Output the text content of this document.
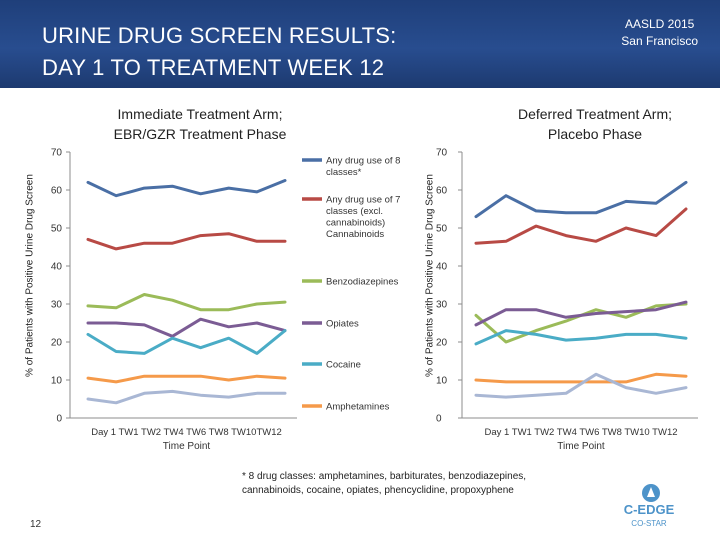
URINE DRUG SCREEN RESULTS:
DAY 1 TO TREATMENT WEEK 12
AASLD 2015
San Francisco
Immediate Treatment Arm;
EBR/GZR Treatment Phase
Deferred Treatment Arm;
Placebo Phase
% of Patients with Positive Urine Drug Screen	% of Patients with Positive Urine Drug Screen
0
10
20
30
40
50
60
70
Day 1 TW1 TW2 TW4 TW6 TW8 TW10TW12
Time Point
0
10
20
30
40
50
60
70
Day 1 TW1 TW2 TW4 TW6 TW8 TW10 TW12
Time Point
Any drug use of 8
classes*
Any drug use of 7
classes (excl.
cannabinoids)
Cannabinoids
Benzodiazepines
Opiates
Cocaine
Amphetamines
* 8 drug classes: amphetamines, barbiturates, benzodiazepines,
cannabinoids, cocaine, opiates, phencyclidine, propoxyphene
12
C-EDGE
CO-STAR
